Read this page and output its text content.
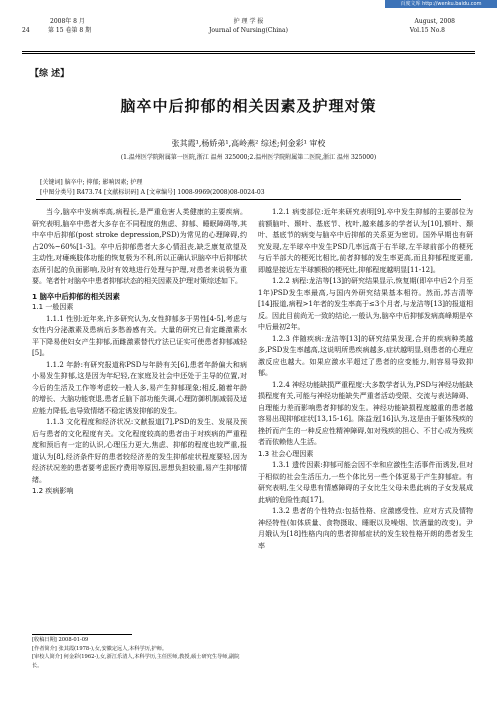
百度文库 http://wenku.baidu.com
2008年 8 月	护 理 学 报	August, 2008
24	第 15 卷第 8 期	Journal of Nursing(China)	Vol.15 No.8
【综 述】
脑卒中后抑郁的相关因素及护理对策
张其霞¹,杨娇弟¹,高岭燕² 综述;何金彩¹ 审校
(1.温州医学院附属第一医院,浙江 温州 325000;2.温州医学院附属第二医院,浙江 温州 325000)
[关键词] 脑卒中; 抑郁; 影响因素; 护理
[中图分类号] R473.74 [文献标识码] A [文章编号] 1008-9969(2008)08-0024-03

当今,脑卒中发病率高,病程长,是严重危害人类健康的主要疾病。研究表明,脑卒中患者大多存在不同程度的焦虑、抑郁、睡眠障碍等,其中卒中后抑郁(post stroke depression,PSD)为常见的心理障碍,约占20%~60%[1-3]。卒中后抑郁患者大多心情沮丧,缺乏康复欲望及主动性,对瘫痪肢体功能的恢复极为不利,所以正确认识脑卒中后抑郁状态所引起的负面影响,及时有效地进行处理与护理,对患者来说极为重要。笔者针对脑卒中患者抑郁状态的相关因素及护理对策综述如下。

1 脑卒中后抑郁的相关因素

1.1 一般因素

1.1.1 性别:近年来,许多研究认为,女性抑郁多于男性[4-5],考虑与女性内分泌激素及患病后多愁善感有关。大量的研究已肯定雌激素水平下降易使妇女产生抑郁,而雌激素替代疗法已证实可使患者抑郁减轻[5]。

1.1.2 年龄:有研究报道称PSD与年龄有关[6],患者年龄偏大和病小易发生抑郁,这是因为年纪轻,在家庭及社会中还处于主导的位置,对今后的生活及工作等考虑较一般人多,易产生抑郁现象;相反,随着年龄的增长、大脑功能衰退,患者丘脑下部功能失调,心理防御机制减弱及适应能力降低,也导致情绪不稳定诱发抑郁的发生。

1.1.3 文化程度和经济状况:文献报道[7],PSD的发生、发展及预后与患者的文化程度有关。文化程度较高的患者由于对疾病的严重程度和预后有一定的认识,心理压力更大,焦虑、抑郁的程度也较严重,报道认为[8],经济条件好的患者较经济差的发生抑郁症状程度要轻,因为经济状况差的患者要考虑医疗费用等原因,思想负担较重,易产生抑郁情绪。

1.2 疾病影响

1.2.1 病变部位:近年来研究表明[9],卒中发生抑郁的主要部位为前额脑叶、颞叶、基底节、枕叶,越来越多的学者认为[10],额叶、颞叶、基底节的病变与脑卒中后抑郁的关系更为密切。国外早期也有研究发现,左半球卒中发生PSD几率远高于右半球,左半球前部小的梗死与后半部大的梗死比相比,前者抑郁的发生率更高,而且抑郁程度更重,即越是接近左半球额极的梗死灶,抑郁程度越明显[11-12]。

1.2.2 病程:龙洁等[13]的研究结果显示,恢复期(即卒中后2个月至1年)PSD发生率最高,与国内外研究结果基本相符。然而,苏吉清等[14]报道,病程>1年者的发生率高于≤3个月者,与龙洁等[13]的报道相反。因此目前尚无一致的结论,一般认为,脑卒中后抑郁发病高峰期是卒中后最初2年。

1.2.3 伴随疾病:龙洁等[13]的研究结果发现,合并的疾病种类越多,PSD发生率越高,这说明所患疾病越多,症状越明显,则患者的心理应激反应也越大。如果应激水平超过了患者的应变能力,则容易导致抑郁。

1.2.4 神经功能缺损严重程度:大多数学者认为,PSD与神经功能缺损程度有关,可能与神经功能缺失严重者活动受限、交流与表达障碍、自理能力差而影响患者抑郁的发生。神经功能缺损程度越重的患者越容易出现抑郁症状[13,15-16]。陈益龙[16]认为,这是由于躯体残疾的挫折而产生的一种反应性精神障碍,如对残疾的担心、不甘心成为残疾者而依赖他人生活。

1.3 社会心理因素

1.3.1 遗传因素:抑郁可能会因不幸和应激性生活事件而诱发,但对于相似的社会生活压力,一些个体比另一些个体更易于产生抑郁症。有研究表明,生父母患有情感障碍的子女比生父母未患此病的子女发展成此病的危险性高[17]。

1.3.2 患者的个性特点:包括性格、应激感受性、应对方式及情物神经特性(如体质量、食物摄取、睡眠以及噪烟、饮酒量的改变)。尹月娥认为[18]性格内向的患者抑郁症状的发生较性格开朗的患者发生率

[收稿日期] 2008-01-09
[作者简介] 张其霞(1978-),女,安徽定远人,本科学历,护师。
[审校人简介] 何金彩(1962-),女,浙江乐清人,本科学历,主任医师,教授,硕士研究生导师,副院长。
